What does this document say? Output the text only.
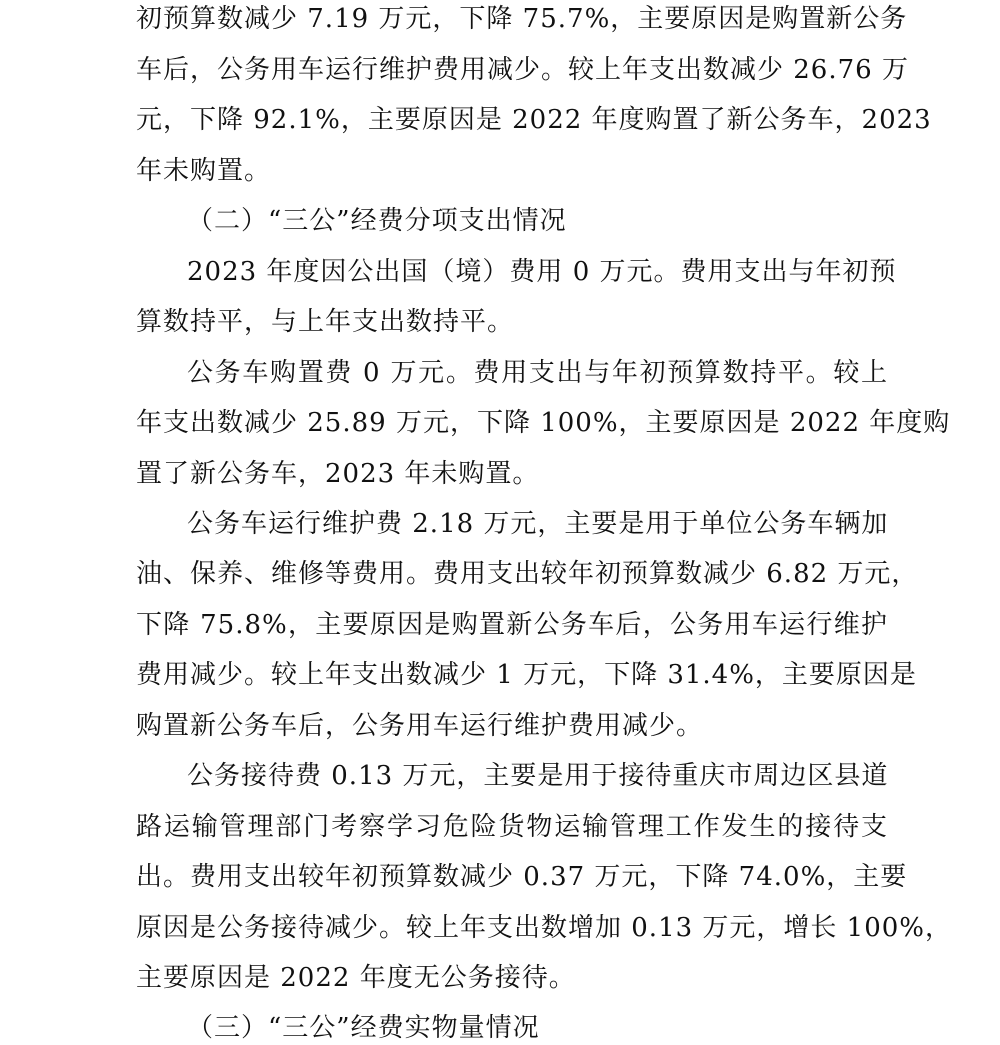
初预算数减少 7.19 万元，下降 75.7%，主要原因是购置新公务
车后，公务用车运行维护费用减少。较上年支出数减少 26.76 万
元，下降 92.1%，主要原因是 2022 年度购置了新公务车，2023
年未购置。
（二）“三公”经费分项支出情况
2023 年度因公出国（境）费用 0 万元。费用支出与年初预
算数持平，与上年支出数持平。
公务车购置费 0 万元。费用支出与年初预算数持平。较上
年支出数减少 25.89 万元，下降 100%，主要原因是 2022 年度购
置了新公务车，2023 年未购置。
公务车运行维护费 2.18 万元，主要是用于单位公务车辆加
油、保养、维修等费用。费用支出较年初预算数减少 6.82 万元，
下降 75.8%，主要原因是购置新公务车后，公务用车运行维护
费用减少。较上年支出数减少 1 万元，下降 31.4%，主要原因是
购置新公务车后，公务用车运行维护费用减少。
公务接待费 0.13 万元，主要是用于接待重庆市周边区县道
路运输管理部门考察学习危险货物运输管理工作发生的接待支
出。费用支出较年初预算数减少 0.37 万元，下降 74.0%，主要
原因是公务接待减少。较上年支出数增加 0.13 万元，增长 100%，
主要原因是 2022 年度无公务接待。
（三）“三公”经费实物量情况
